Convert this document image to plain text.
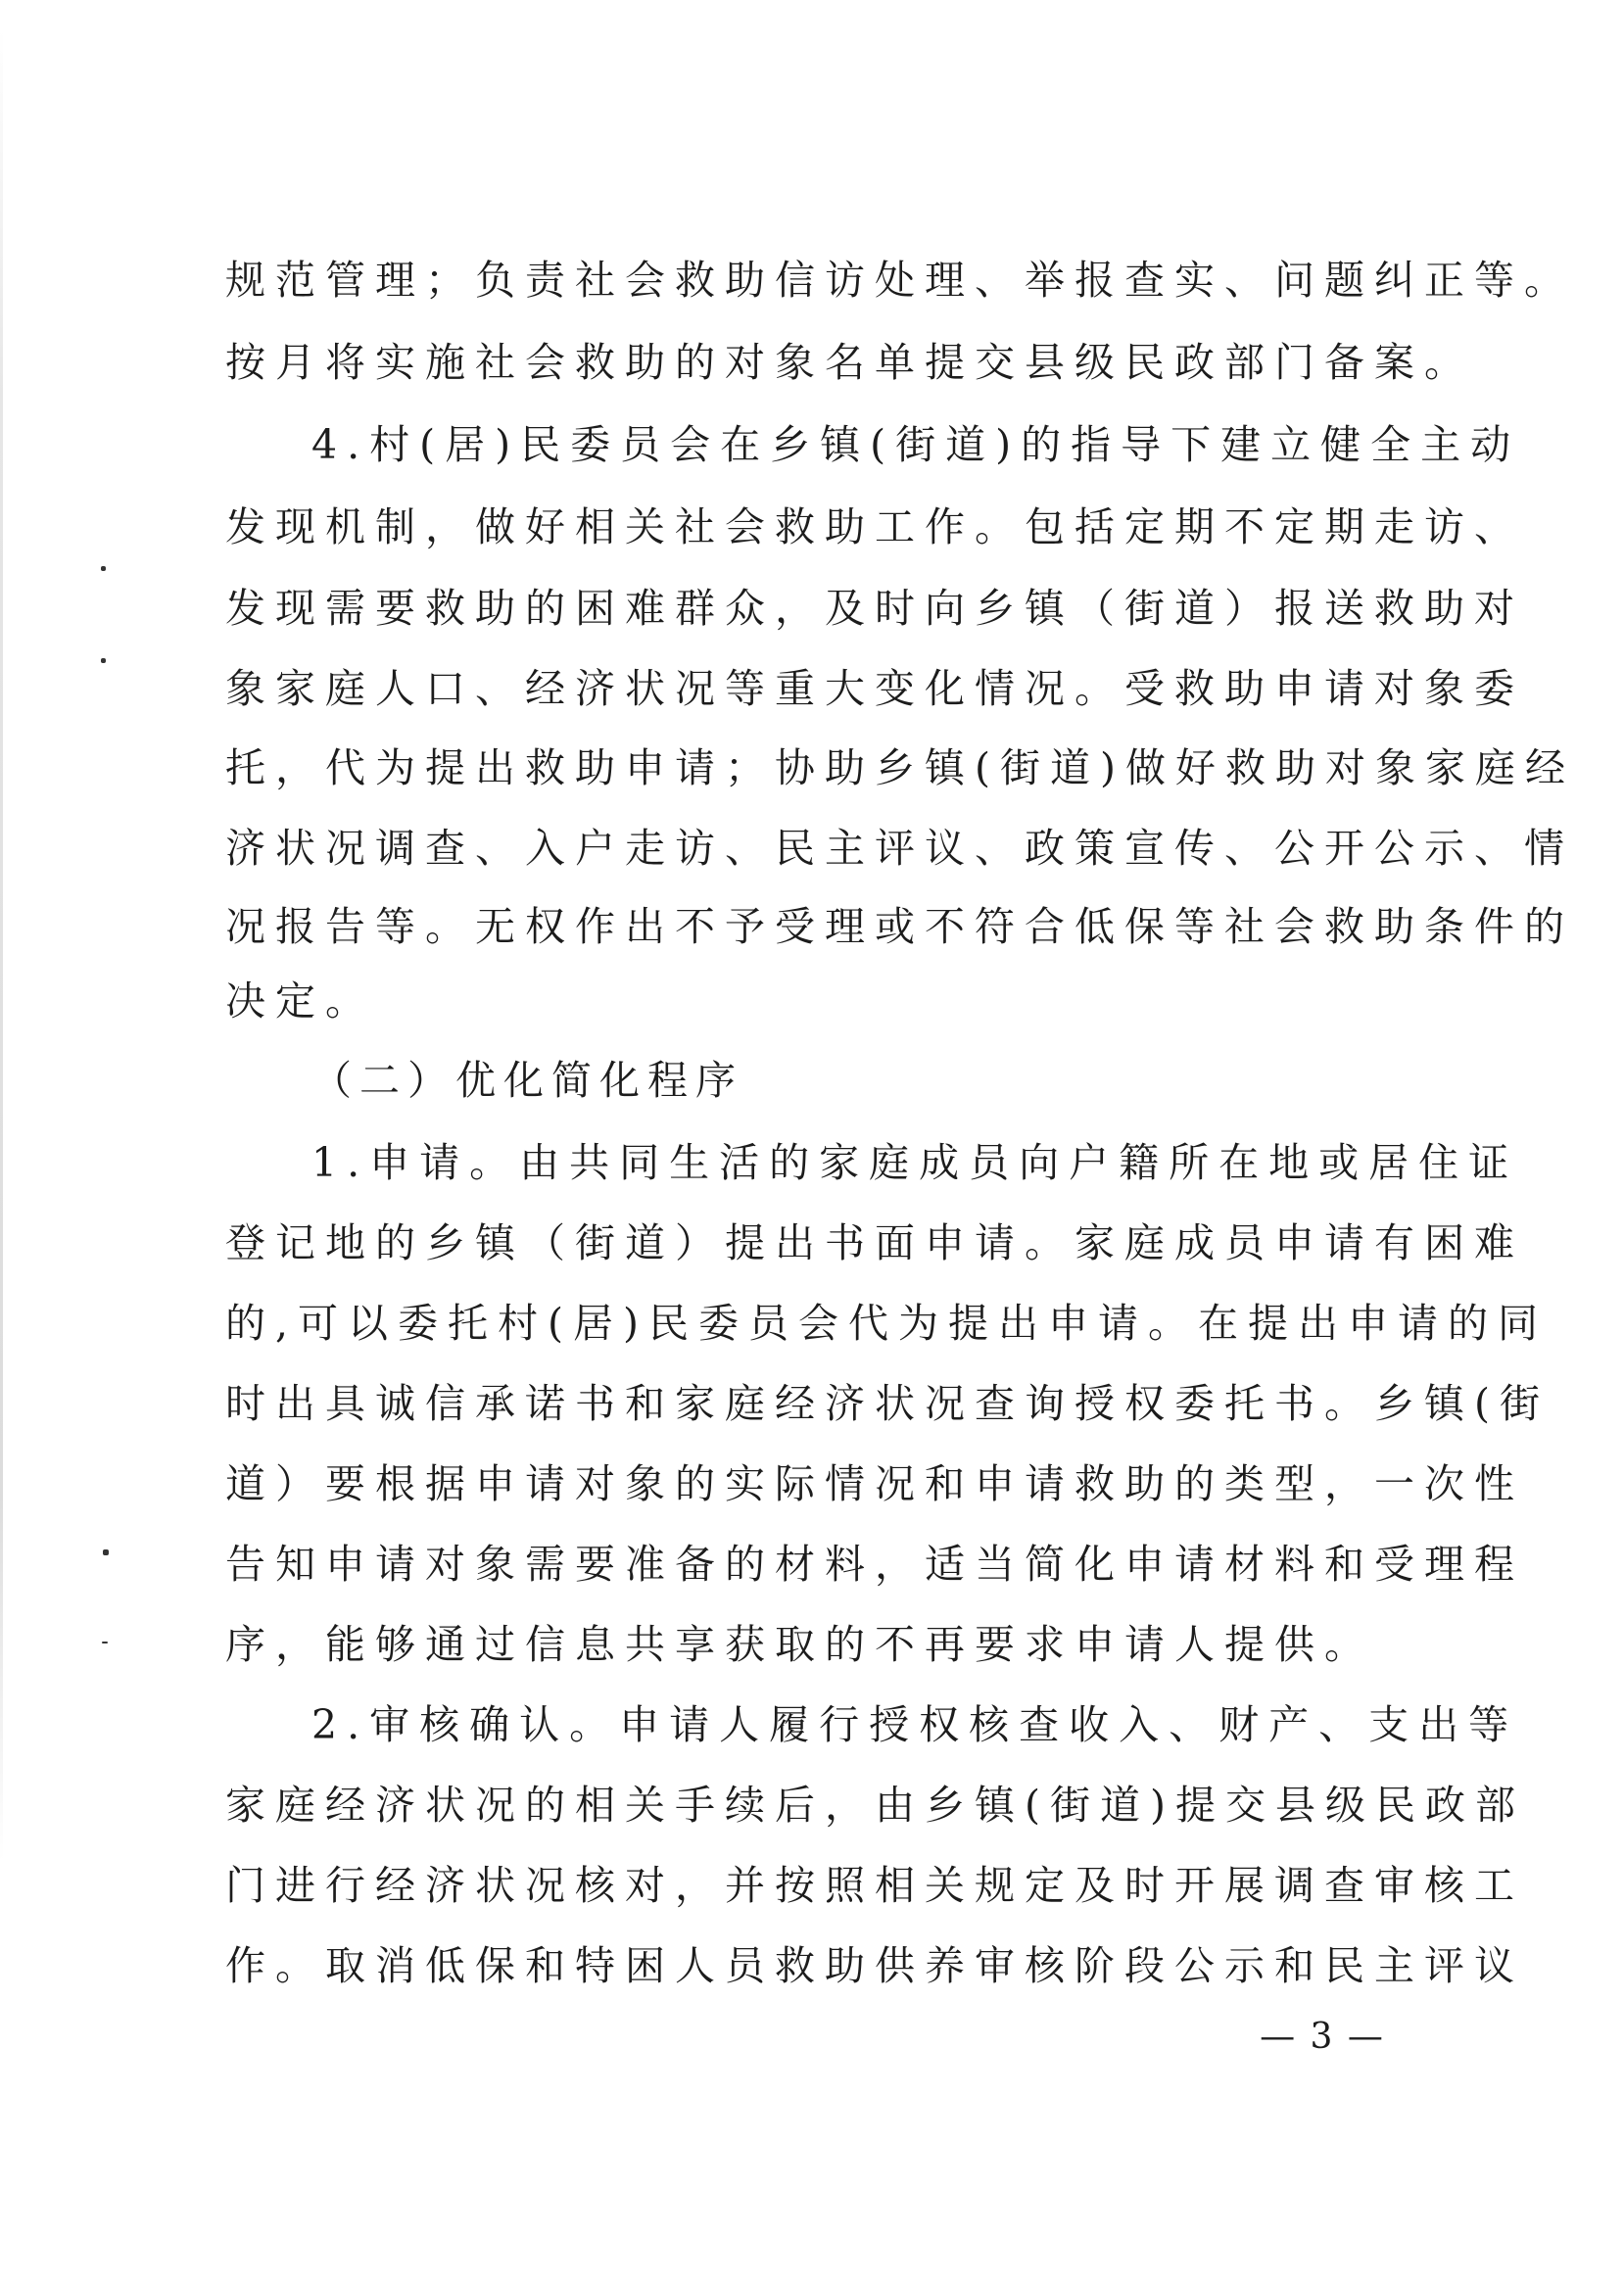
规范管理；负责社会救助信访处理、举报查实、问题纠正等。
按月将实施社会救助的对象名单提交县级民政部门备案。
4.村(居)民委员会在乡镇(街道)的指导下建立健全主动
发现机制，做好相关社会救助工作。包括定期不定期走访、
发现需要救助的困难群众，及时向乡镇（街道）报送救助对
象家庭人口、经济状况等重大变化情况。受救助申请对象委
托，代为提出救助申请；协助乡镇(街道)做好救助对象家庭经
济状况调查、入户走访、民主评议、政策宣传、公开公示、情
况报告等。无权作出不予受理或不符合低保等社会救助条件的
决定。
（二）优化简化程序
1.申请。由共同生活的家庭成员向户籍所在地或居住证
登记地的乡镇（街道）提出书面申请。家庭成员申请有困难
的,可以委托村(居)民委员会代为提出申请。在提出申请的同
时出具诚信承诺书和家庭经济状况查询授权委托书。乡镇(街
道）要根据申请对象的实际情况和申请救助的类型，一次性
告知申请对象需要准备的材料，适当简化申请材料和受理程
序，能够通过信息共享获取的不再要求申请人提供。
2.审核确认。申请人履行授权核查收入、财产、支出等
家庭经济状况的相关手续后，由乡镇(街道)提交县级民政部
门进行经济状况核对，并按照相关规定及时开展调查审核工
作。取消低保和特困人员救助供养审核阶段公示和民主评议
— 3 —
